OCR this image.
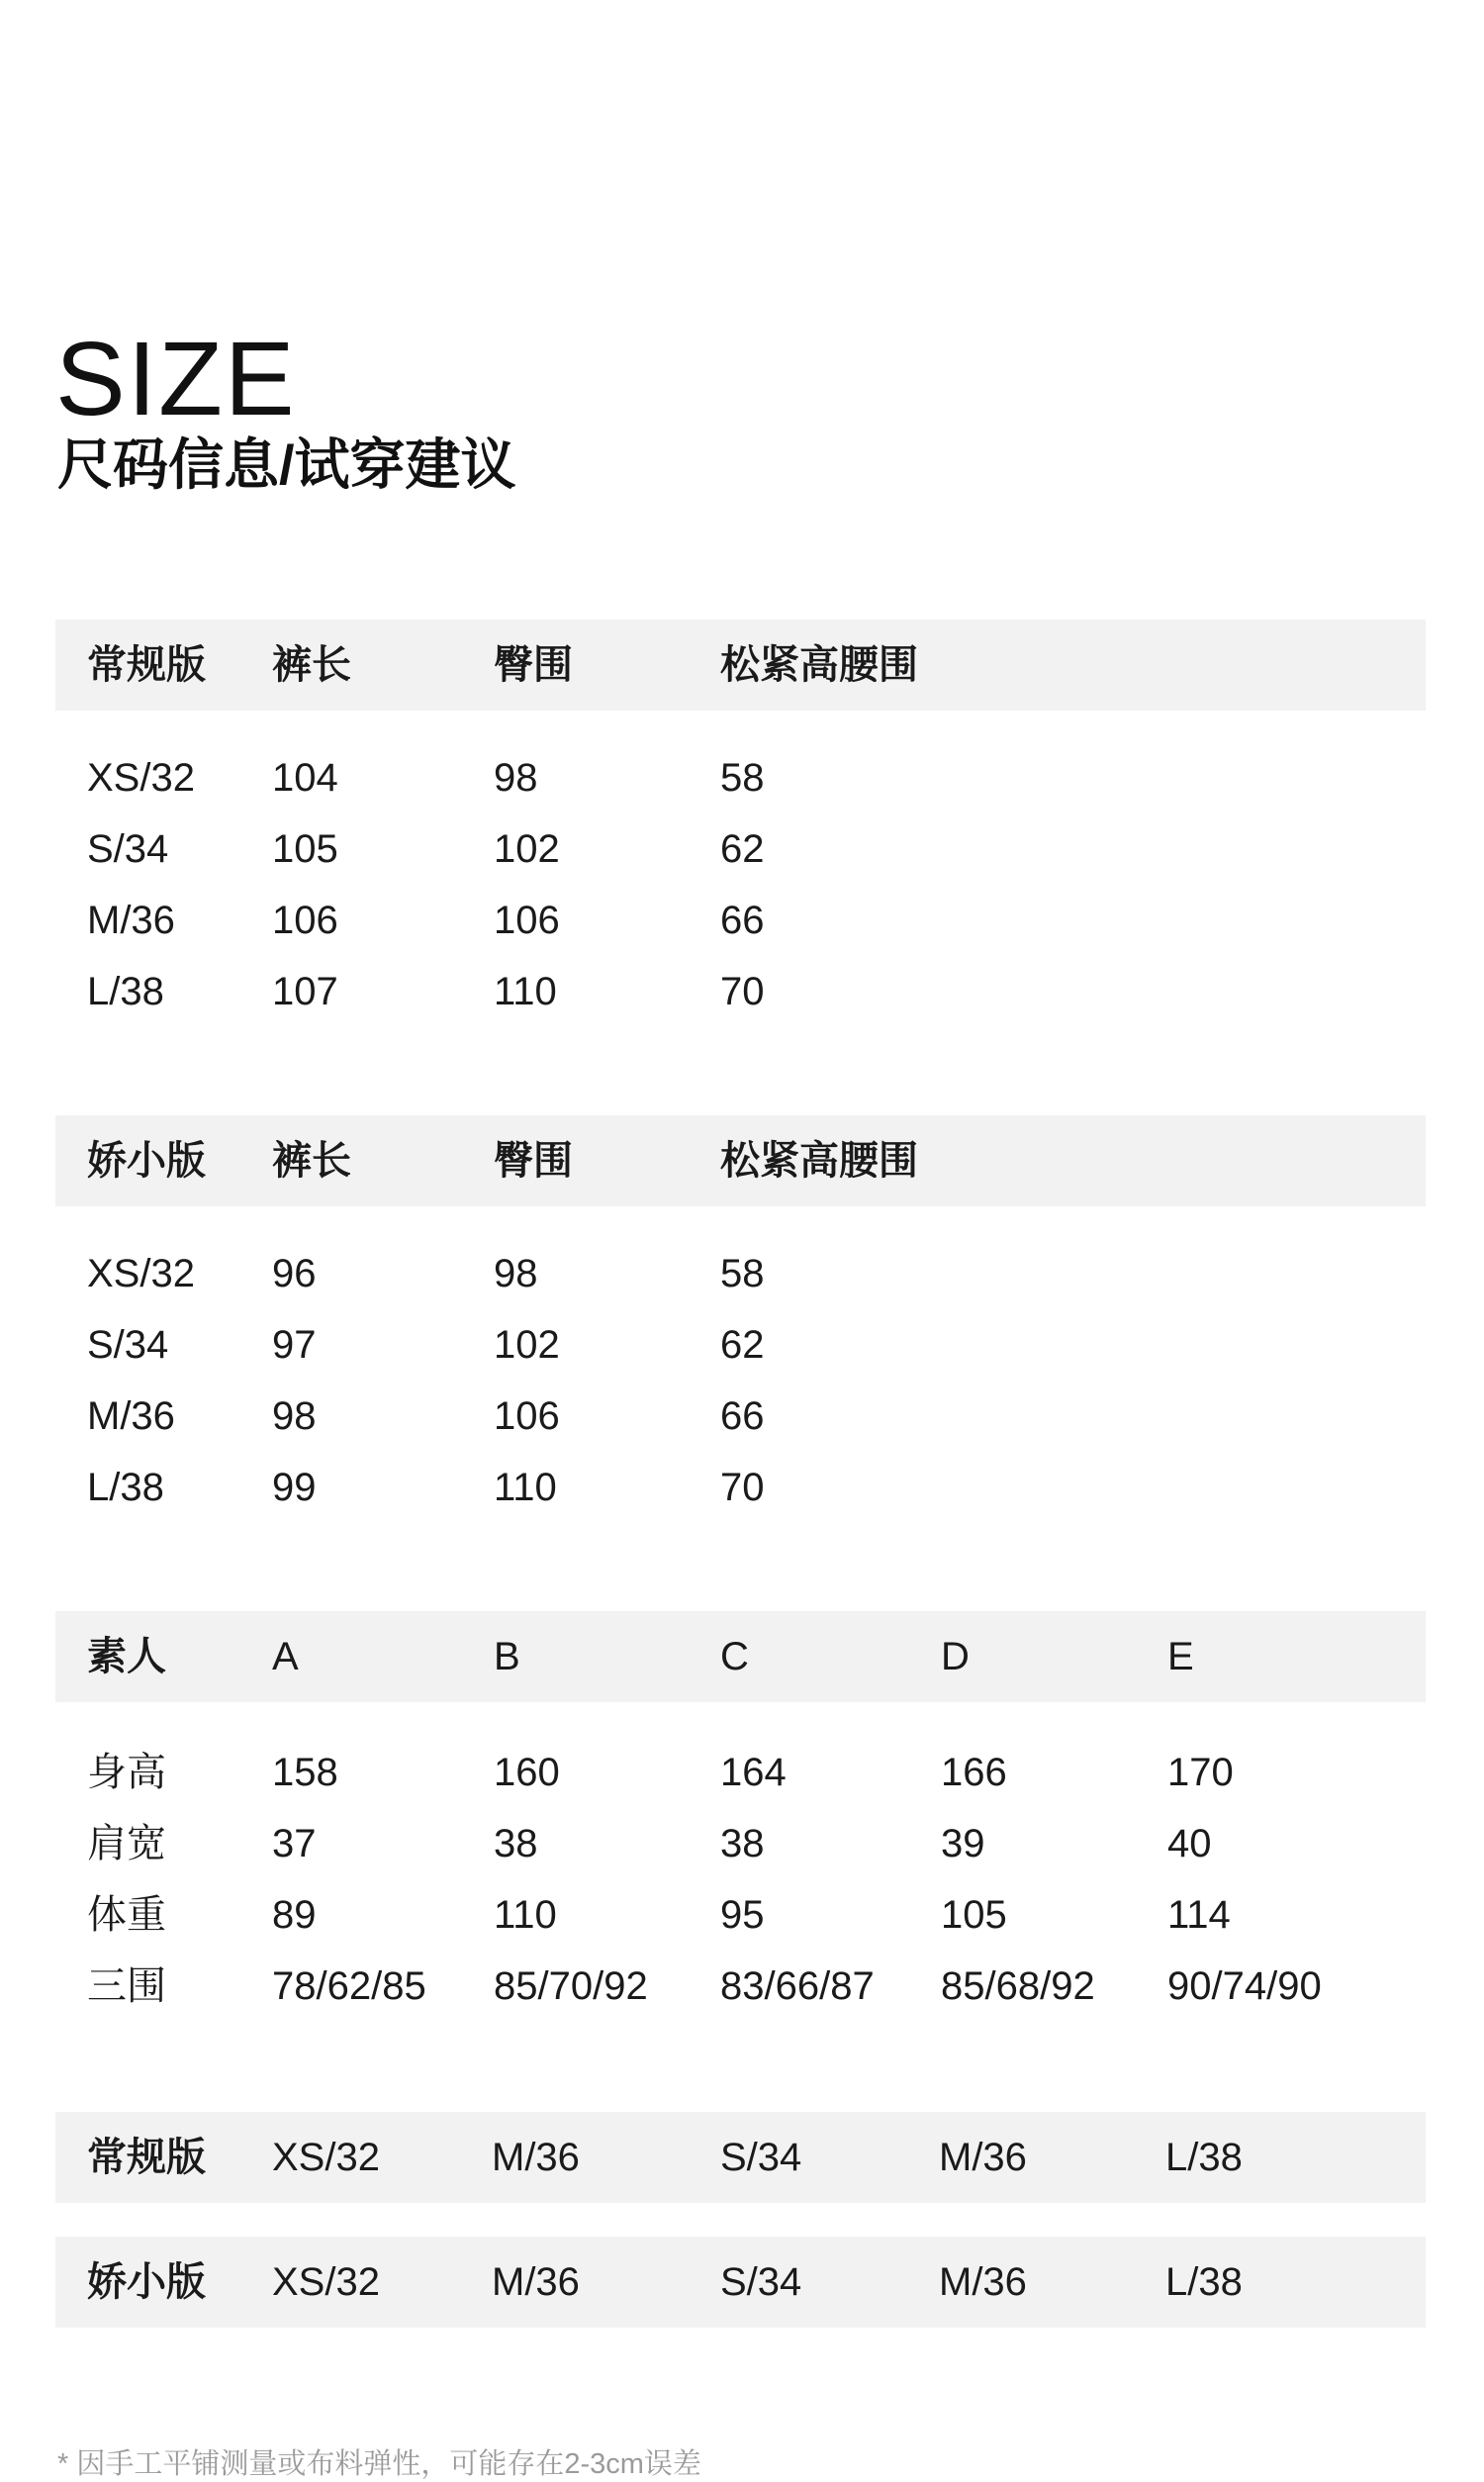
SIZE
尺码信息/试穿建议
常规版 裤长	臀围	松紧高腰围
XS/32 104	98	58
S/34	105	102	62
M/36 106	106	66
L/38	107	110	70
娇小版 裤长	臀围	松紧高腰围
XS/32 96	98	58
S/34	97	102	62
M/36 98	106	66
L/38	99	110	70
素人	A	B	C	D	E
身高	158	160	164	166	170
肩宽	37	38	38	39	40
体重	89	110	95	105	114
三围	78/62/85 85/70/92 83/66/87 85/68/92 90/74/90
常规版 XS/32	M/36	S/34	M/36	L/38
娇小版 XS/32	M/36	S/34	M/36	L/38
* 因手工平铺测量或布料弹性，可能存在2-3cm误差
